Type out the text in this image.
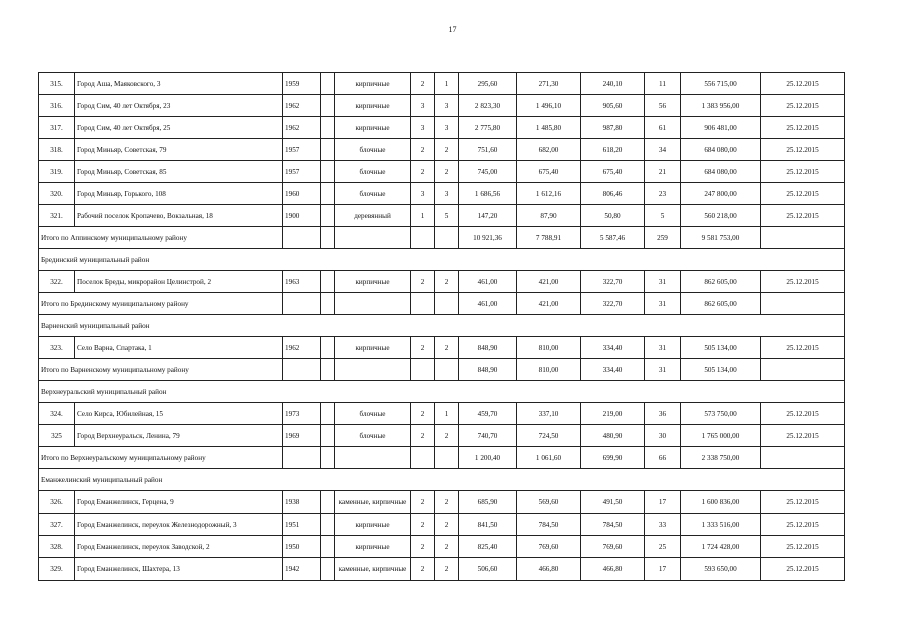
17
315.	Город Аша, Маяковского, 3	1959		кирпичные	2	1	295,60	271,30	240,10	11	556 715,00	25.12.2015
316.	Город Сим, 40 лет Октября, 23	1962		кирпичные	3	3	2 823,30	1 496,10	905,60	56	1 383 956,00	25.12.2015
317.	Город Сим, 40 лет Октября, 25	1962		кирпичные	3	3	2 775,80	1 485,80	987,80	61	906 481,00	25.12.2015
318.	Город Миньяр, Советская, 79	1957		блочные	2	2	751,60	682,00	618,20	34	684 080,00	25.12.2015
319.	Город Миньяр, Советская, 85	1957		блочные	2	2	745,00	675,40	675,40	21	684 080,00	25.12.2015
320.	Город Миньяр, Горького, 108	1960		блочные	3	3	1 686,56	1 612,16	806,46	23	247 800,00	25.12.2015
321.	Рабочий поселок Кропачево, Вокзальная, 18	1900		деревянный	1	5	147,20	87,90	50,80	5	560 218,00	25.12.2015
Итого по Аппинскому муниципальному району							10 921,36	7 788,91	5 587,46	259	9 581 753,00	
Брединский муниципальный район												
322.	Поселок Бреды, микрорайон Целинстрой, 2	1963		кирпичные	2	2	461,00	421,00	322,70	31	862 605,00	25.12.2015
Итого по Брединскому муниципальному району							461,00	421,00	322,70	31	862 605,00	
Варненский муниципальный район												
323.	Село Варна, Спартака, 1	1962		кирпичные	2	2	848,90	810,00	334,40	31	505 134,00	25.12.2015
Итого по Варненскому муниципальному району							848,90	810,00	334,40	31	505 134,00	
Верхнеуральский муниципальный район												
324.	Село Кирса, Юбилейная, 15	1973		блочные	2	1	459,70	337,10	219,00	36	573 750,00	25.12.2015
325	Город Верхнеуральск, Ленина, 79	1969		блочные	2	2	740,70	724,50	480,90	30	1 765 000,00	25.12.2015
Итого по Верхнеуральскому муниципальному району							1 200,40	1 061,60	699,90	66	2 338 750,00	
Еманжелинский муниципальный район												
326.	Город Еманжелинск, Герцена, 9	1938		каменные, кирпичные	2	2	685,90	569,60	491,50	17	1 600 836,00	25.12.2015
327.	Город Еманжелинск, переулок Железнодорожный, 3	1951		кирпичные	2	2	841,50	784,50	784,50	33	1 333 516,00	25.12.2015
328.	Город Еманжелинск, переулок Заводской, 2	1950		кирпичные	2	2	825,40	769,60	769,60	25	1 724 428,00	25.12.2015
329.	Город Еманжелинск, Шахтера, 13	1942		каменные, кирпичные	2	2	506,60	466,80	466,80	17	593 650,00	25.12.2015
